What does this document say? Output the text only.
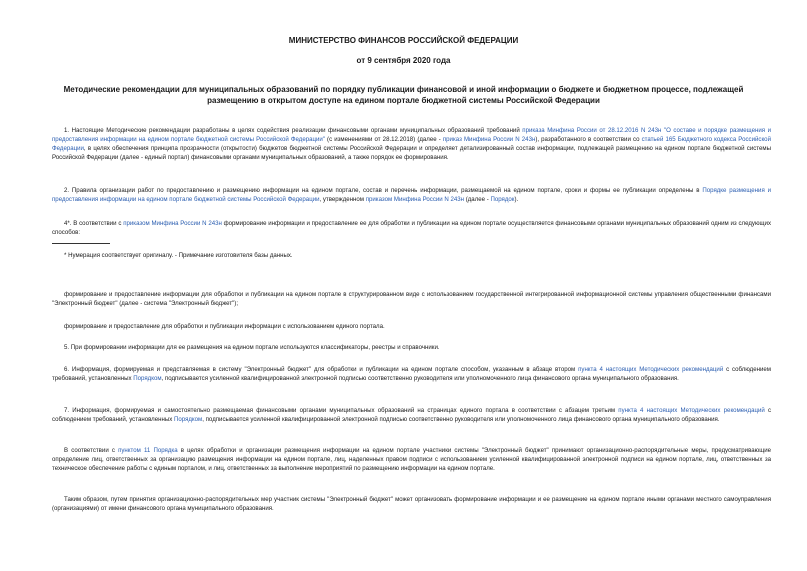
МИНИСТЕРСТВО ФИНАНСОВ РОССИЙСКОЙ ФЕДЕРАЦИИ
от 9 сентября 2020 года
Методические рекомендации для муниципальных образований по порядку публикации финансовой и иной информации о бюджете и бюджетном процессе, подлежащей размещению в открытом доступе на едином портале бюджетной системы Российской Федерации
1. Настоящие Методические рекомендации разработаны в целях содействия реализации финансовыми органами муниципальных образований требований приказа Минфина России от 28.12.2016 N 243н "О составе и порядке размещения и предоставления информации на едином портале бюджетной системы Российской Федерации" (с изменениями от 28.12.2018) (далее - приказ Минфина России N 243н), разработанного в соответствии со статьей 165 Бюджетного кодекса Российской Федерации, в целях обеспечения принципа прозрачности (открытости) бюджетов бюджетной системы Российской Федерации и определяет детализированный состав информации, подлежащей размещению на едином портале бюджетной системы Российской Федерации (далее - единый портал) финансовыми органами муниципальных образований, а также порядок ее формирования.
2. Правила организации работ по предоставлению и размещению информации на едином портале, состав и перечень информации, размещаемой на едином портале, сроки и формы ее публикации определены в Порядке размещения и предоставления информации на едином портале бюджетной системы Российской Федерации, утвержденном приказом Минфина России N 243н (далее - Порядок).
4*. В соответствии с приказом Минфина России N 243н формирование информации и предоставление ее для обработки и публикации на едином портале осуществляется финансовыми органами муниципальных образований одним из следующих способов:
* Нумерация соответствует оригиналу. - Примечание изготовителя базы данных.
формирование и предоставление информации для обработки и публикации на едином портале в структурированном виде с использованием государственной интегрированной информационной системы управления общественными финансами "Электронный бюджет" (далее - система "Электронный бюджет");
формирование и предоставление для обработки и публикации информации с использованием единого портала.
5. При формировании информации для ее размещения на едином портале используются классификаторы, реестры и справочники.
6. Информация, формируемая и представляемая в систему "Электронный бюджет" для обработки и публикации на едином портале способом, указанным в абзаце втором пункта 4 настоящих Методических рекомендаций с соблюдением требований, установленных Порядком, подписывается усиленной квалифицированной электронной подписью соответственно руководителя или уполномоченного лица финансового органа муниципального образования.
7. Информация, формируемая и самостоятельно размещаемая финансовыми органами муниципальных образований на страницах единого портала в соответствии с абзацем третьим пункта 4 настоящих Методических рекомендаций с соблюдением требований, установленных Порядком, подписывается усиленной квалифицированной электронной подписью соответственно руководителя или уполномоченного лица финансового органа муниципального образования.
В соответствии с пунктом 11 Порядка в целях обработки и организации размещения информации на едином портале участники системы "Электронный бюджет" принимают организационно-распорядительные меры, предусматривающие определение лиц, ответственных за организацию размещения информации на едином портале, лиц, наделенных правом подписи с использованием усиленной квалифицированной электронной подписи на едином портале, лиц, ответственных за техническое обеспечение работы с единым порталом, и лиц, ответственных за выполнение мероприятий по размещению информации на едином портале.
Таким образом, путем принятия организационно-распорядительных мер участник системы "Электронный бюджет" может организовать формирование информации и ее размещение на едином портале иными органами местного самоуправления (организациями) от имени финансового органа муниципального образования.
